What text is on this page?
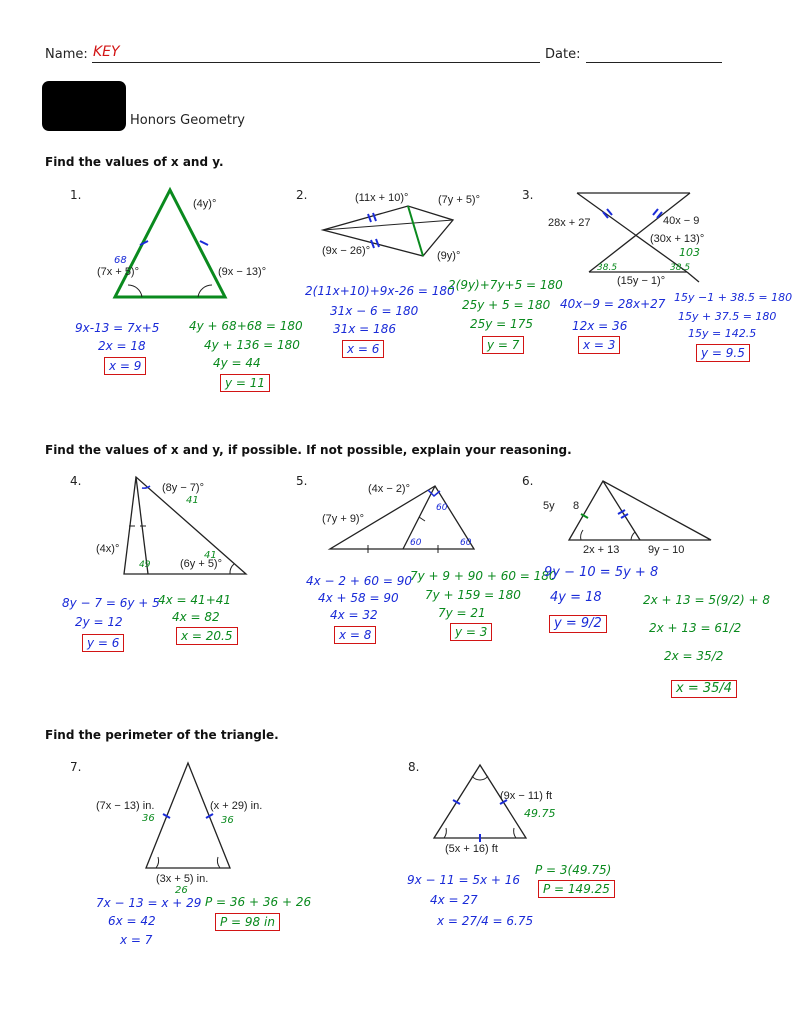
Name: KEY	Date:
Honors Geometry
Find the values of x and y.
1.
(4y)°
(7x + 5)°	(9x − 13)°
68
9x-13 = 7x+5
2x = 18
x = 9
4y + 68+68 = 180
4y + 136 = 180
4y = 44
y = 11
2.	(11x + 10)°	(7y + 5)°
(9x − 26)°	(9y)°
2(11x+10)+9x-26 = 180
31x − 6 = 180
31x = 186
x = 6
2(9y)+7y+5 = 180
25y + 5 = 180
25y = 175
y = 7
3.
28x + 27	40x − 9
(30x + 13)°
103
(15y − 1)°
38.5	38.5
40x−9 = 28x+27
12x = 36
x = 3
15y −1 + 38.5 = 180
15y + 37.5 = 180
15y = 142.5
y = 9.5
Find the values of x and y, if possible. If not possible, explain your reasoning.
4.	(8y − 7)°
41
(4x)°
(6y + 5)°
41
49
8y − 7 = 6y + 5
2y = 12
y = 6
4x = 41+41
4x = 82
x = 20.5
5.
(4x − 2)°
(7y + 9)°
60
60	60
4x − 2 + 60 = 90
4x + 58 = 90
4x = 32
x = 8
7y + 9 + 90 + 60 = 180
7y + 159 = 180
7y = 21
y = 3
6.
5y 8
2x + 13	9y − 10
9y − 10 = 5y + 8
4y = 18
y = 9/2
2x + 13 = 5(9/2) + 8
2x + 13 = 61/2
2x = 35/2
x = 35/4
Find the perimeter of the triangle.
7.
(7x − 13) in.	(x + 29) in.
(3x + 5) in.
36	36
26
7x − 13 = x + 29
6x = 42
x = 7
P = 36 + 36 + 26
P = 98 in
8.
(9x − 11) ft
49.75
(5x + 16) ft
9x − 11 = 5x + 16
4x = 27
x = 27/4 = 6.75
P = 3(49.75)
P = 149.25
